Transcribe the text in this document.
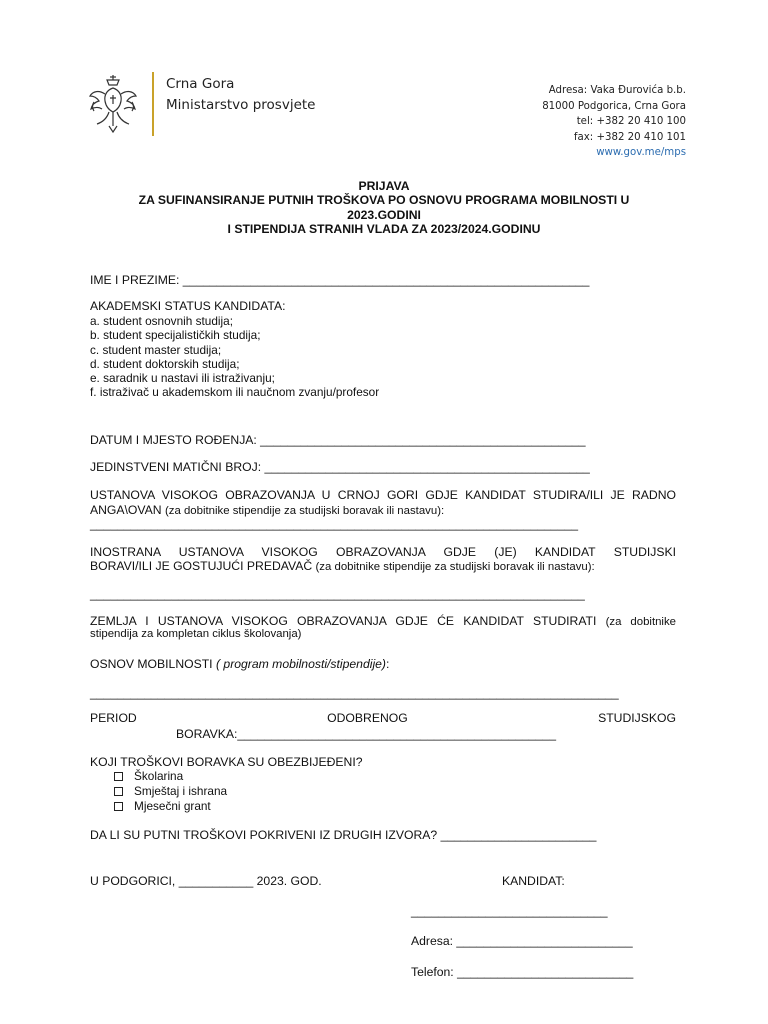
Crna Gora
Ministarstvo prosvjete
Adresa: Vaka Đurovića b.b.
81000 Podgorica, Crna Gora
tel: +382 20 410 100
fax: +382 20 410 101
www.gov.me/mps
PRIJAVA
ZA SUFINANSIRANJE PUTNIH TROŠKOVA PO OSNOVU PROGRAMA MOBILNOSTI U
2023.GODINI
I STIPENDIJA STRANIH VLADA ZA 2023/2024.GODINU
IME I PREZIME: ____________________________________________________________
AKADEMSKI STATUS KANDIDATA:
a. student osnovnih studija;
b. student specijalističkih studija;
c. student master studija;
d. student doktorskih studija;
e. saradnik u nastavi ili istraživanju;
f. istraživač u akademskom ili naučnom zvanju/profesor
DATUM I MJESTO ROĐENJA: ________________________________________________
JEDINSTVENI MATIČNI BROJ: ________________________________________________
USTANOVA VISOKOG OBRAZOVANJA U CRNOJ GORI GDJE KANDIDAT STUDIRA/ILI JE RADNO
ANGA\OVAN (za dobitnike stipendije za studijski boravak ili nastavu):
________________________________________________________________________
INOSTRANA USTANOVA VISOKOG OBRAZOVANJA GDJE (JE) KANDIDAT STUDIJSKI
BORAVI/ILI JE GOSTUJUĆI PREDAVAČ (za dobitnike stipendije za studijski boravak ili nastavu):
_________________________________________________________________________
ZEMLJA I USTANOVA VISOKOG OBRAZOVANJA GDJE ĆE KANDIDAT STUDIRATI (za dobitnike
stipendija za kompletan ciklus školovanja)
OSNOV MOBILNOSTI ( program mobilnosti/stipendije):
______________________________________________________________________________
PERIOD	ODOBRENOG	STUDIJSKOG
BORAVKA:_______________________________________________
KOJI TROŠKOVI BORAVKA SU OBEZBIJEĐENI?
Školarina
Smještaj i ishrana
Mjesečni grant
DA LI SU PUTNI TROŠKOVI POKRIVENI IZ DRUGIH IZVORA? _______________________
U PODGORICI, ___________ 2023. GOD.	KANDIDAT:
_____________________________
Adresa: __________________________
Telefon: __________________________
